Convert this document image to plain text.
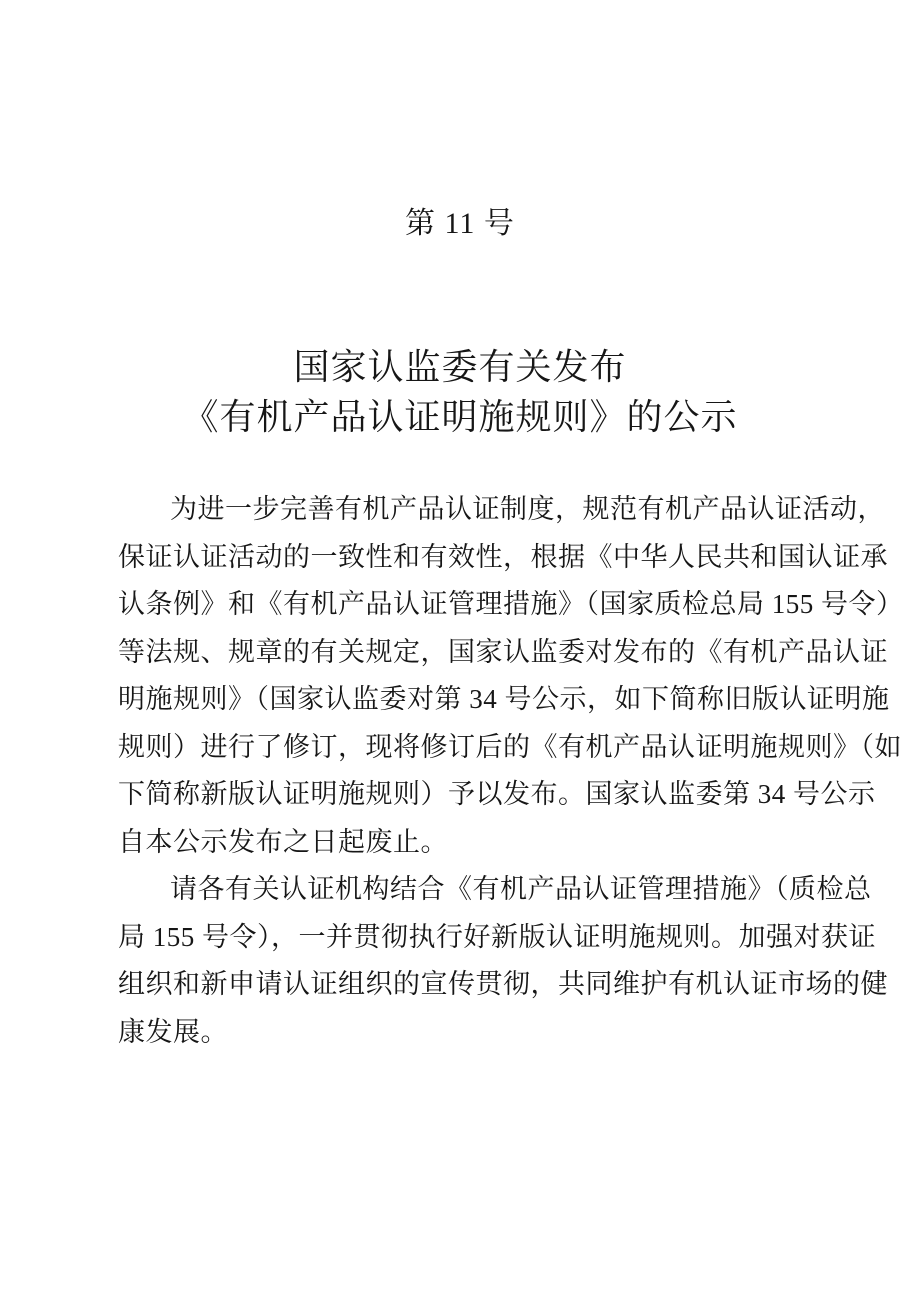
第 11 号
国家认监委有关发布
《有机产品认证明施规则》的公示

为进一步完善有机产品认证制度，规范有机产品认证活动，
保证认证活动的一致性和有效性，根据《中华人民共和国认证承
认条例》和《有机产品认证管理措施》（国家质检总局 155 号令）
等法规、规章的有关规定，国家认监委对发布的《有机产品认证
明施规则》（国家认监委对第 34 号公示，如下简称旧版认证明施
规则）进行了修订，现将修订后的《有机产品认证明施规则》（如
下简称新版认证明施规则）予以发布。国家认监委第 34 号公示
自本公示发布之日起废止。

请各有关认证机构结合《有机产品认证管理措施》（质检总
局 155 号令），一并贯彻执行好新版认证明施规则。加强对获证
组织和新申请认证组织的宣传贯彻，共同维护有机认证市场的健
康发展。
